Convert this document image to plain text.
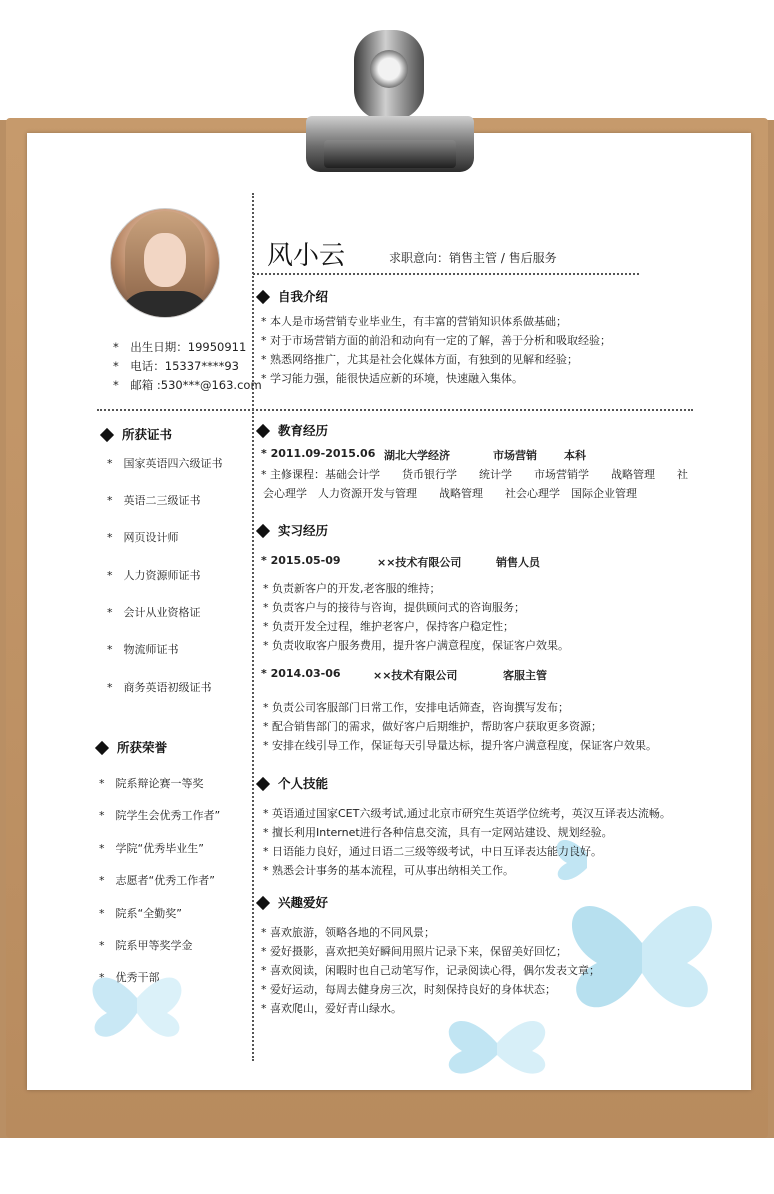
*　出生日期：19950911
*　电话：15337****93
*　邮箱 :530***@163.com
风小云	求职意向：销售主管 / 售后服务
自我介绍
* 本人是市场营销专业毕业生，有丰富的营销知识体系做基础；
* 对于市场营销方面的前沿和动向有一定的了解，善于分析和吸取经验；
* 熟悉网络推广，尤其是社会化媒体方面，有独到的见解和经验；
* 学习能力强，能很快适应新的环境，快速融入集体。
所获证书
*　国家英语四六级证书
*　英语二三级证书
*　网页设计师
*　人力资源师证书
*　会计从业资格证
*　物流师证书
*　商务英语初级证书
所获荣誉
*　院系辩论赛一等奖
*　院学生会优秀工作者”
*　学院“优秀毕业生”
*　志愿者“优秀工作者”
*　院系“全勤奖”
*　院系甲等奖学金
*　优秀干部
教育经历
* 2011.09-2015.06 湖北大学经济	市场营销 本科
* 主修课程：基础会计学　　货币银行学　　统计学　　市场营销学　　战略管理　　社
会心理学　人力资源开发与管理　　战略管理　　社会心理学　国际企业管理
实习经历
* 2015.05-09	××技术有限公司	销售人员
* 负责新客户的开发,老客服的维持；
* 负责客户与的接待与咨询，提供顾问式的咨询服务；
* 负责开发全过程，维护老客户，保持客户稳定性；
* 负责收取客户服务费用，提升客户满意程度，保证客户效果。
* 2014.03-06	××技术有限公司	客服主管
* 负责公司客服部门日常工作，安排电话筛查，咨询撰写发布；
* 配合销售部门的需求，做好客户后期维护，帮助客户获取更多资源；
* 安排在线引导工作，保证每天引导量达标，提升客户满意程度，保证客户效果。
个人技能
* 英语通过国家CET六级考试,通过北京市研究生英语学位统考，英汉互译表达流畅。
* 擅长利用Internet进行各种信息交流，具有一定网站建设、规划经验。
* 日语能力良好，通过日语二三级等级考试，中日互译表达能力良好。
* 熟悉会计事务的基本流程，可从事出纳相关工作。
兴趣爱好
* 喜欢旅游，领略各地的不同风景；
* 爱好摄影，喜欢把美好瞬间用照片记录下来，保留美好回忆；
* 喜欢阅读，闲暇时也自己动笔写作，记录阅读心得，偶尔发表文章；
* 爱好运动，每周去健身房三次，时刻保持良好的身体状态；
* 喜欢爬山，爱好青山绿水。
